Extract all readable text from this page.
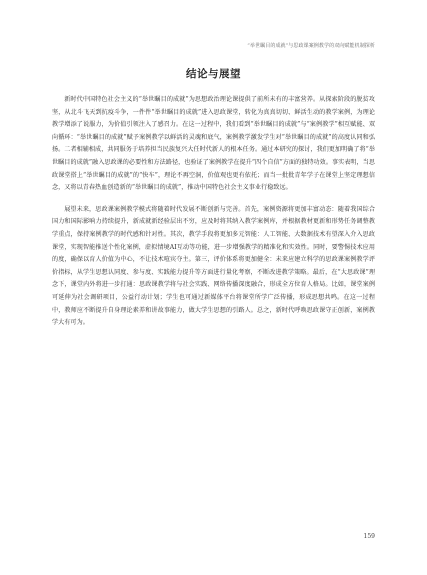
“举世瞩目的成就”与思政课案例教学的双向赋能机制探析
结论与展望

新时代中国特色社会主义的“举世瞩目的成就”为思想政治理论课提供了前所未有的丰富营养。从探索阶段的脱贫攻坚，从北斗飞天到抗疫斗争，一件件“举世瞩目的成就”进入思政课堂，转化为真真切切、鲜活生动的教学案例，为理论教学增添了说服力，为价值引领注入了感召力。在这一过程中，我们看到“举世瞩目的成就”与“案例教学”相互赋能、双向循环：“举世瞩目的成就”赋予案例教学以鲜活的灵魂和底气，案例教学激发学生对“举世瞩目的成就”的高度认同和弘扬。二者相辅相成，共同服务于培养担当民族复兴大任时代新人的根本任务。通过本研究的探讨，我们更加明确了将“举世瞩目的成就”融入思政课的必要性和方法路径，也验证了案例教学在提升“四个自信”方面的独特功效。事实表明，当思政课堂搭上“举世瞩目的成就”的“快车”，理论不再空洞，价值观也更有依托；而当一批批青年学子在课堂上坚定理想信念，又将以青春热血创造新的“举世瞩目的成就”，推动中国特色社会主义事业行稳致远。

展望未来，思政课案例教学模式将随着时代发展不断创新与完善。首先，案例资源将更加丰富动态：随着我国综合国力和国际影响力持续提升，新成就新经验层出不穷，应及时将其纳入教学案例库，并根据教材更新和形势任务调整教学重点，保持案例教学的时代感和针对性。其次，教学手段将更加多元智能：人工智能、大数据技术有望深入介入思政课堂，实现智能推送个性化案例，虚拟情境AI互动等功能，进一步增强教学的精准化和实效性。同时，要警惕技术应用的度，确保以育人价值为中心，不让技术喧宾夺主。第三，评价体系将更加健全：未来应建立科学的思政课案例教学评价指标，从学生思想认同度、参与度、实践能力提升等方面进行量化考察，不断改进教学策略。最后，在“大思政课”理念下，课堂内外将进一步打通：思政课教学将与社会实践、网络传播深度融合，形成全方位育人格局。比如，课堂案例可延伸为社会调研项目，公益行动计划；学生也可通过新媒体平台将课堂所学广泛传播，形成思想共鸣。在这一过程中，教师应不断提升自身理论素养和讲故事能力，做大学生思想的引路人。总之，新时代呼唤思政课守正创新，案例教学大有可为。

159
